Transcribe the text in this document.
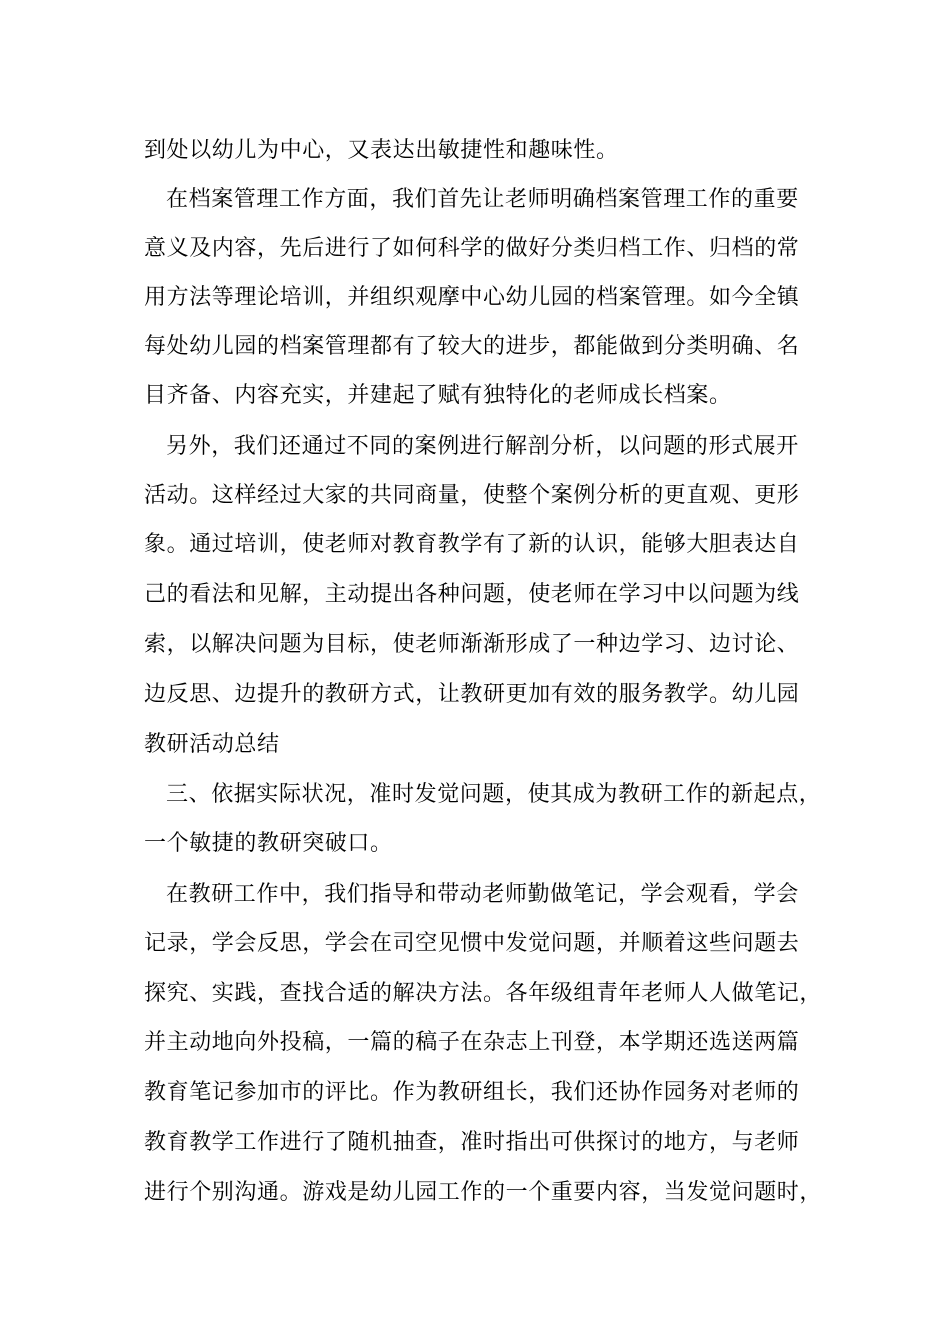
到处以幼儿为中心，又表达出敏捷性和趣味性。
在档案管理工作方面，我们首先让老师明确档案管理工作的重要
意义及内容，先后进行了如何科学的做好分类归档工作、归档的常
用方法等理论培训，并组织观摩中心幼儿园的档案管理。如今全镇
每处幼儿园的档案管理都有了较大的进步，都能做到分类明确、名
目齐备、内容充实，并建起了赋有独特化的老师成长档案。
另外，我们还通过不同的案例进行解剖分析，以问题的形式展开
活动。这样经过大家的共同商量，使整个案例分析的更直观、更形
象。通过培训，使老师对教育教学有了新的认识，能够大胆表达自
己的看法和见解，主动提出各种问题，使老师在学习中以问题为线
索，以解决问题为目标，使老师渐渐形成了一种边学习、边讨论、
边反思、边提升的教研方式，让教研更加有效的服务教学。幼儿园
教研活动总结
三、依据实际状况，准时发觉问题，使其成为教研工作的新起点，
一个敏捷的教研突破口。
在教研工作中，我们指导和带动老师勤做笔记，学会观看，学会
记录，学会反思，学会在司空见惯中发觉问题，并顺着这些问题去
探究、实践，查找合适的解决方法。各年级组青年老师人人做笔记，
并主动地向外投稿，一篇的稿子在杂志上刊登，本学期还选送两篇
教育笔记参加市的评比。作为教研组长，我们还协作园务对老师的
教育教学工作进行了随机抽查，准时指出可供探讨的地方，与老师
进行个别沟通。游戏是幼儿园工作的一个重要内容，当发觉问题时，
